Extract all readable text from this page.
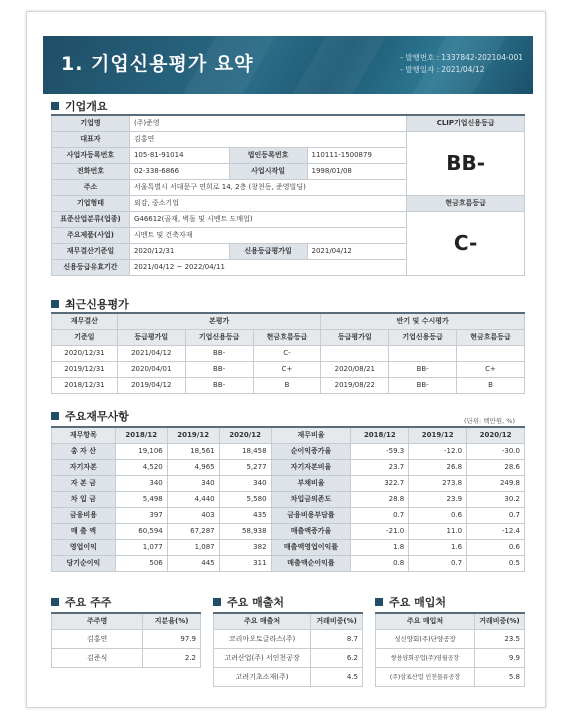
1. 기업신용평가 요약	- 발행번호 : 1337842-202104-001
- 발행일자 : 2021/04/12
기업개요
기업명	(주)준영			CLIP기업신용등급
대표자	김홍연			BB-
사업자등록번호	105-81-91014	법인등록번호	110111-1500879	
전화번호	02-338-6866	사업시작일	1998/01/08	
주소	서울특별시 서대문구 연희로 14, 2층 (창천동, 준영빌딩)			
기업형태	외감, 중소기업			현금흐름등급
표준산업분류(업종)	G46612(골재, 벽돌 및 시멘트 도매업)			C-
주요제품(사업)	시멘트 및 건축자재			
재무결산기준일	2020/12/31	신용등급평가일	2021/04/12	
신용등급유효기간	2021/04/12 ~ 2022/04/11			
최근신용평가
재무결산	본평가			반기 및 수시평가		
기준일	등급평가일	기업신용등급	현금흐름등급	등급평가일	기업신용등급	현금흐름등급
2020/12/31	2021/04/12	BB-	C-			
2019/12/31	2020/04/01	BB-	C+	2020/08/21	BB-	C+
2018/12/31	2019/04/12	BB-	B	2019/08/22	BB-	B
주요재무사항	(단위: 백만원, %)
재무항목	2018/12	2019/12	2020/12	재무비율	2018/12	2019/12	2020/12
총 자 산	19,106	18,561	18,458	순이익증가율	-59.3	-12.0	-30.0
자기자본	4,520	4,965	5,277	자기자본비율	23.7	26.8	28.6
자 본 금	340	340	340	부채비율	322.7	273.8	249.8
차 입 금	5,498	4,440	5,580	차입금의존도	28.8	23.9	30.2
금융비용	397	403	435	금융비용부담률	0.7	0.6	0.7
매 출 액	60,594	67,287	58,938	매출액증가율	-21.0	11.0	-12.4
영업이익	1,077	1,087	382	매출액영업이익률	1.8	1.6	0.6
당기순이익	506	445	311	매출액순이익률	0.8	0.7	0.5
주요 주주
주주명	지분율(%)
김홍연	97.9
김준식	2.2
주요 매출처
주요 매출처	거래비중(%)
코리아오토글라스(주)	8.7
고려산업(주) 서인천공장	6.2
고려기초소재(주)	4.5
주요 매입처
주요 매입처	거래비중(%)
성신양회(주)단양공장	23.5
쌍용양회공업(주)영월공장	9.9
(주)삼표산업 인천물류공장	5.8
